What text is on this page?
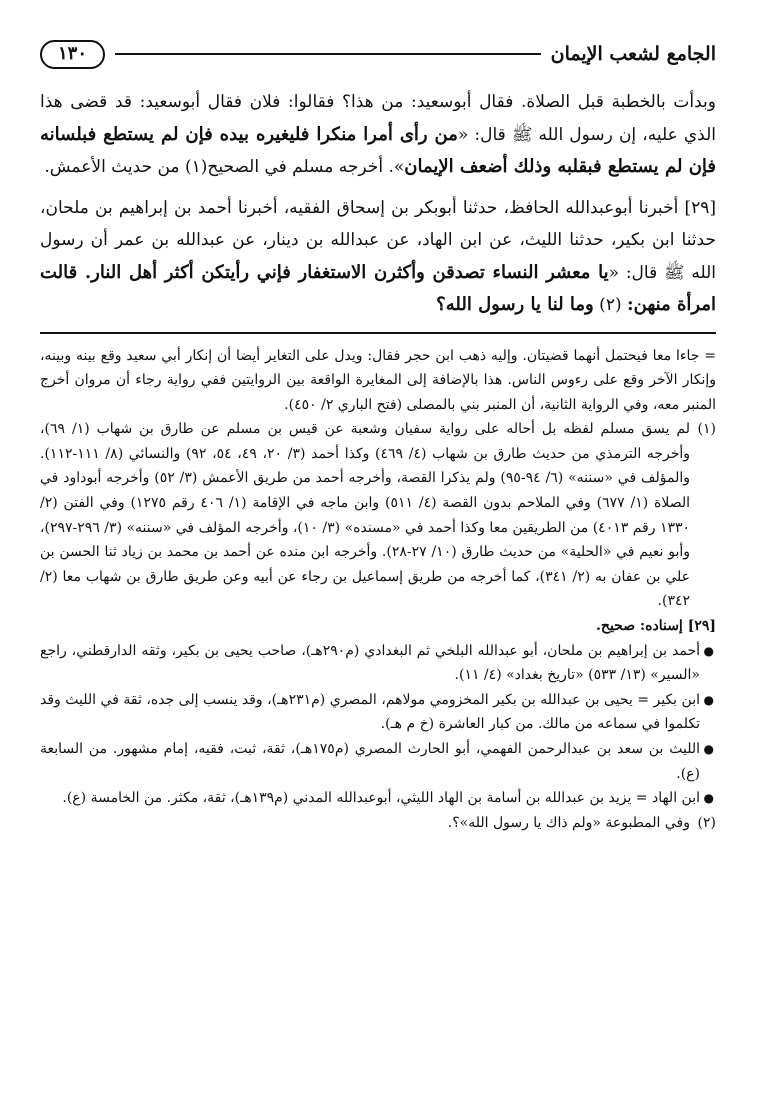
١٣٠	الجامع لشعب الإيمان

وبدأت بالخطبة قبل الصلاة. فقال أبوسعيد: من هذا؟ فقالوا: فلان فقال أبوسعيد: قد قضى هذا الذي عليه، إن رسول الله ﷺ قال: «من رأى أمرا منكرا فليغيره بيده فإن لم يستطع فبلسانه فإن لم يستطع فبقلبه وذلك أضعف الإيمان». أخرجه مسلم في الصحيح(١) من حديث الأعمش.

[٢٩] أخبرنا أبوعبدالله الحافظ، حدثنا أبوبكر بن إسحاق الفقيه، أخبرنا أحمد بن إبراهيم بن ملحان، حدثنا ابن بكير، حدثنا الليث، عن ابن الهاد، عن عبدالله بن دينار، عن عبدالله بن عمر أن رسول الله ﷺ قال: «يا معشر النساء تصدقن وأكثرن الاستغفار فإني رأيتكن أكثر أهل النار. قالت امرأة منهن: (٢) وما لنا يا رسول الله؟

= جاءا معا فيحتمل أنهما قضيتان. وإليه ذهب ابن حجر فقال: ويدل على التغاير أيضا أن إنكار أبي سعيد وقع بينه وبينه، وإنكار الآخر وقع على رءوس الناس. هذا بالإضافة إلى المغايرة الواقعة بين الروايتين ففي رواية رجاء أن مروان أخرج المنبر معه، وفي الرواية الثانية، أن المنبر بني بالمصلى (فتح الباري ٢/ ٤٥٠).

(١)
لم يسق مسلم لفظه بل أحاله على رواية سفيان وشعبة عن قيس بن مسلم عن طارق بن شهاب (١/ ٦٩)، وأخرجه الترمذي من حديث طارق بن شهاب (٤/ ٤٦٩) وكذا أحمد (٣/ ٢٠، ٤٩، ٥٤، ٩٢) والنسائي (٨/ ١١١-١١٢). والمؤلف في «سننه» (٦/ ٩٤-٩٥) ولم يذكرا القصة، وأخرجه أحمد من طريق الأعمش (٣/ ٥٢) وأخرجه أبوداود في الصلاة (١/ ٦٧٧) وفي الملاحم بدون القصة (٤/ ٥١١) وابن ماجه في الإقامة (١/ ٤٠٦ رقم ١٢٧٥) وفي الفتن (٢/ ١٣٣٠ رقم ٤٠١٣) من الطريقين معا وكذا أحمد في «مسنده» (٣/ ١٠)، وأخرجه المؤلف في «سننه» (٣/ ٢٩٦-٢٩٧)، وأبو نعيم في «الحلية» من حديث طارق (١٠/ ٢٧-٢٨). وأخرجه ابن منده عن أحمد بن محمد بن زياد ثنا الحسن بن علي بن عفان به (٢/ ٣٤١)، كما أخرجه من طريق إسماعيل بن رجاء عن أبيه وعن طريق طارق بن شهاب معا (٢/ ٣٤٢).

[٢٩] إسناده: صحيح.

●
أحمد بن إبراهيم بن ملحان، أبو عبدالله البلخي ثم البغدادي (م٢٩٠هـ)، صاحب يحيى بن بكير، وثقه الدارقطني، راجع «السير» (١٣/ ٥٣٣) «تاريخ بغداد» (٤/ ١١).

●
ابن بكير = يحيى بن عبدالله بن بكير المخزومي مولاهم، المصري (م٢٣١هـ)، وقد ينسب إلى جده، ثقة في الليث وقد تكلموا في سماعه من مالك. من كبار العاشرة (خ م هـ).

●
الليث بن سعد بن عبدالرحمن الفهمي، أبو الحارث المصري (م١٧٥هـ)، ثقة، ثبت، فقيه، إمام مشهور. من السابعة (ع).

●
ابن الهاد = يزيد بن عبدالله بن أسامة بن الهاد الليثي، أبوعبدالله المدني (م١٣٩هـ)، ثقة، مكثر. من الخامسة (ع).

(٢)
وفي المطبوعة «ولم ذاك يا رسول الله»؟.
